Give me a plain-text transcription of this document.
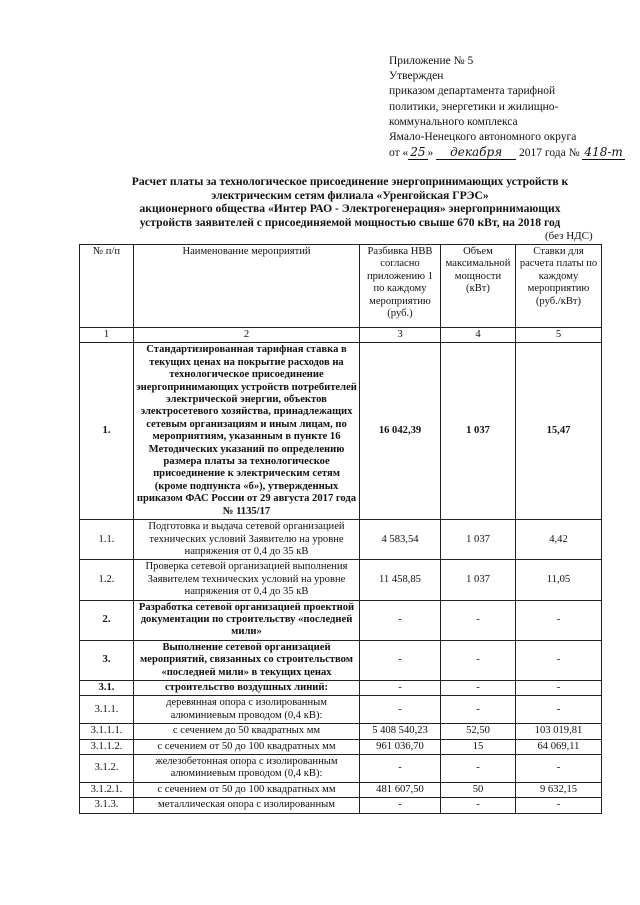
Приложение № 5
Утвержден
приказом департамента тарифной
политики, энергетики и жилищно-
коммунального комплекса
Ямало-Ненецкого автономного округа
от « 25 » декабря 2017 года № 418-т
Расчет платы за технологическое присоединение энергопринимающих устройств к
электрическим сетям филиала «Уренгойская ГРЭС»
акционерного общества «Интер РАО - Электрогенерация» энергопринимающих
устройств заявителей с присоединяемой мощностью свыше 670 кВт, на 2018 год
(без НДС)
№ п/п	Наименование мероприятий	Разбивка НВВ согласно приложению 1 по каждому мероприятию (руб.)	Объем максимальной мощности (кВт)	Ставки для расчета платы по каждому мероприятию (руб./кВт)
1	2	3	4	5
1.	Стандартизированная тарифная ставка в текущих ценах на покрытие расходов на технологическое присоединение энергопринимающих устройств потребителей электрической энергии, объектов электросетевого хозяйства, принадлежащих сетевым организациям и иным лицам, по мероприятиям, указанным в пункте 16 Методических указаний по определению размера платы за технологическое присоединение к электрическим сетям (кроме подпункта «б»), утвержденных приказом ФАС России от 29 августа 2017 года № 1135/17	16 042,39	1 037	15,47
1.1.	Подготовка и выдача сетевой организацией технических условий Заявителю на уровне напряжения от 0,4 до 35 кВ	4 583,54	1 037	4,42
1.2.	Проверка сетевой организацией выполнения Заявителем технических условий на уровне напряжения от 0,4 до 35 кВ	11 458,85	1 037	11,05
2.	Разработка сетевой организацией проектной документации по строительству «последней мили»	-	-	-
3.	Выполнение сетевой организацией мероприятий, связанных со строительством «последней мили» в текущих ценах	-	-	-
3.1.	строительство воздушных линий:	-	-	-
3.1.1.	деревянная опора с изолированным алюминиевым проводом (0,4 кВ):	-	-	-
3.1.1.1.	с сечением до 50 квадратных мм	5 408 540,23	52,50	103 019,81
3.1.1.2.	с сечением от 50 до 100 квадратных мм	961 036,70	15	64 069,11
3.1.2.	железобетонная опора с изолированным алюминиевым проводом (0,4 кВ):	-	-	-
3.1.2.1.	с сечением от 50 до 100 квадратных мм	481 607,50	50	9 632,15
3.1.3.	металлическая опора с изолированным	-	-	-
